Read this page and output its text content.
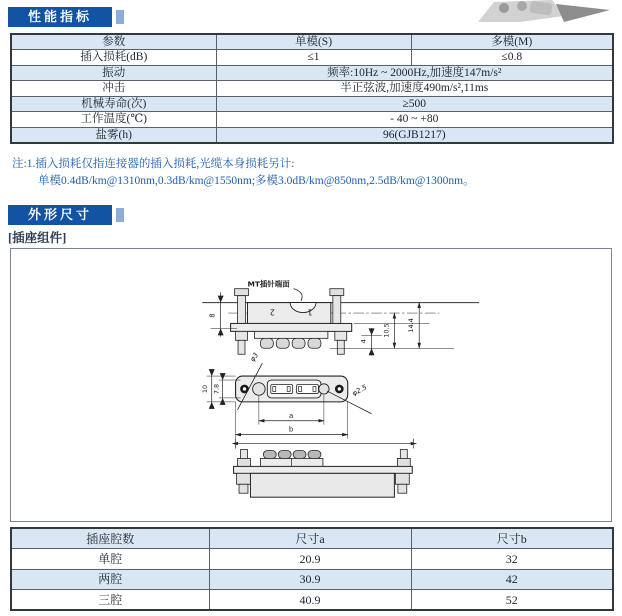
性能指标
参数	单模(S)	多模(M)
插入损耗(dB)	≤1	≤0.8
振动	频率:10Hz ~ 2000Hz,加速度147m/s²	
冲击	半正弦波,加速度490m/s²,11ms	
机械寿命(次)	≥500	
工作温度(℃)	- 40 ~ +80	
盐雾(h)	96(GJB1217)	
注:1.插入损耗仅指连接器的插入损耗,光缆本身损耗另计:
单模0.4dB/km@1310nm,0.3dB/km@1550nm;多模3.0dB/km@850nm,2.5dB/km@1300nm。
外形尺寸
[插座组件]
2	1
MT插针端面
8
4
10.5	14.4
10 7.8
φ3
φ2.5
a
b
插座腔数	尺寸a	尺寸b
单腔	20.9	32
两腔	30.9	42
三腔	40.9	52
